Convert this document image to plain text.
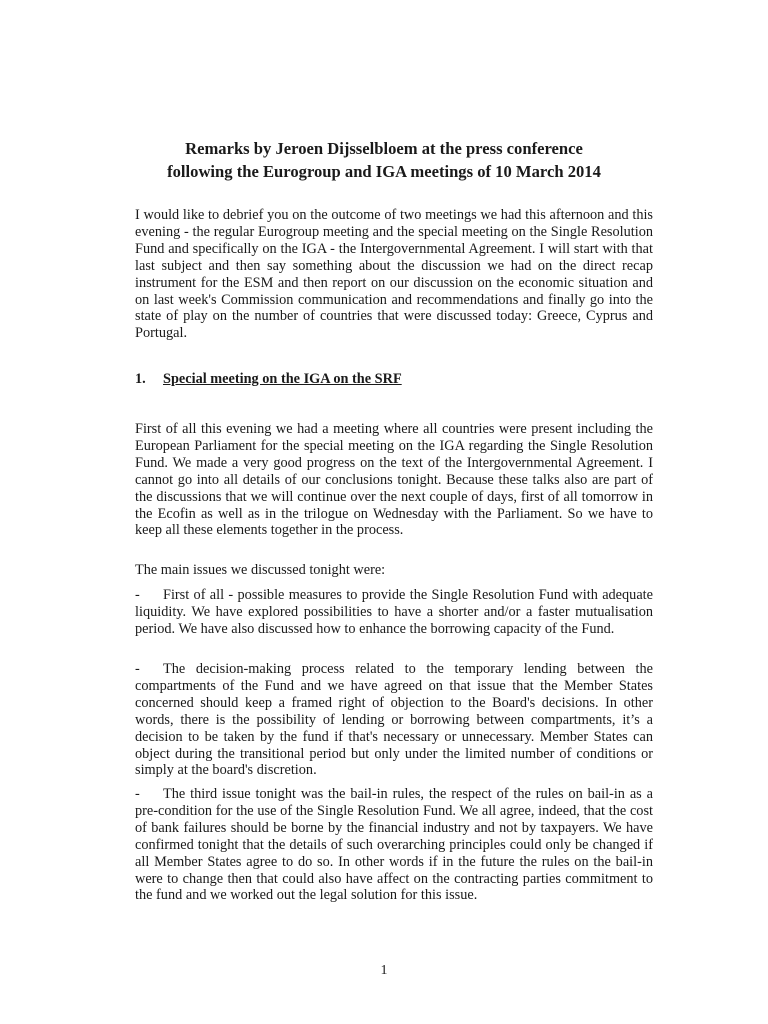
Remarks by Jeroen Dijsselbloem at the press conference
following the Eurogroup and IGA meetings of 10 March 2014

I would like to debrief you on the outcome of two meetings we had this afternoon and this evening - the regular Eurogroup meeting and the special meeting on the Single Resolution Fund and specifically on the IGA - the Intergovernmental Agreement. I will start with that last subject and then say something about the discussion we had on the direct recap instrument for the ESM and then report on our discussion on the economic situation and on last week's Commission communication and recommendations and finally go into the state of play on the number of countries that were discussed today: Greece, Cyprus and Portugal.

1. Special meeting on the IGA on the SRF

First of all this evening we had a meeting where all countries were present including the European Parliament for the special meeting on the IGA regarding the Single Resolution Fund. We made a very good progress on the text of the Intergovernmental Agreement. I cannot go into all details of our conclusions tonight. Because these talks also are part of the discussions that we will continue over the next couple of days, first of all tomorrow in the Ecofin as well as in the trilogue on Wednesday with the Parliament. So we have to keep all these elements together in the process.

The main issues we discussed tonight were:

- First of all - possible measures to provide the Single Resolution Fund with adequate liquidity. We have explored possibilities to have a shorter and/or a faster mutualisation period. We have also discussed how to enhance the borrowing capacity of the Fund.

- The decision-making process related to the temporary lending between the compartments of the Fund and we have agreed on that issue that the Member States concerned should keep a framed right of objection to the Board's decisions. In other words, there is the possibility of lending or borrowing between compartments, it’s a decision to be taken by the fund if that's necessary or unnecessary. Member States can object during the transitional period but only under the limited number of conditions or simply at the board's discretion.

- The third issue tonight was the bail-in rules, the respect of the rules on bail-in as a pre-condition for the use of the Single Resolution Fund. We all agree, indeed, that the cost of bank failures should be borne by the financial industry and not by taxpayers. We have confirmed tonight that the details of such overarching principles could only be changed if all Member States agree to do so. In other words if in the future the rules on the bail-in were to change then that could also have affect on the contracting parties commitment to the fund and we worked out the legal solution for this issue.

1
